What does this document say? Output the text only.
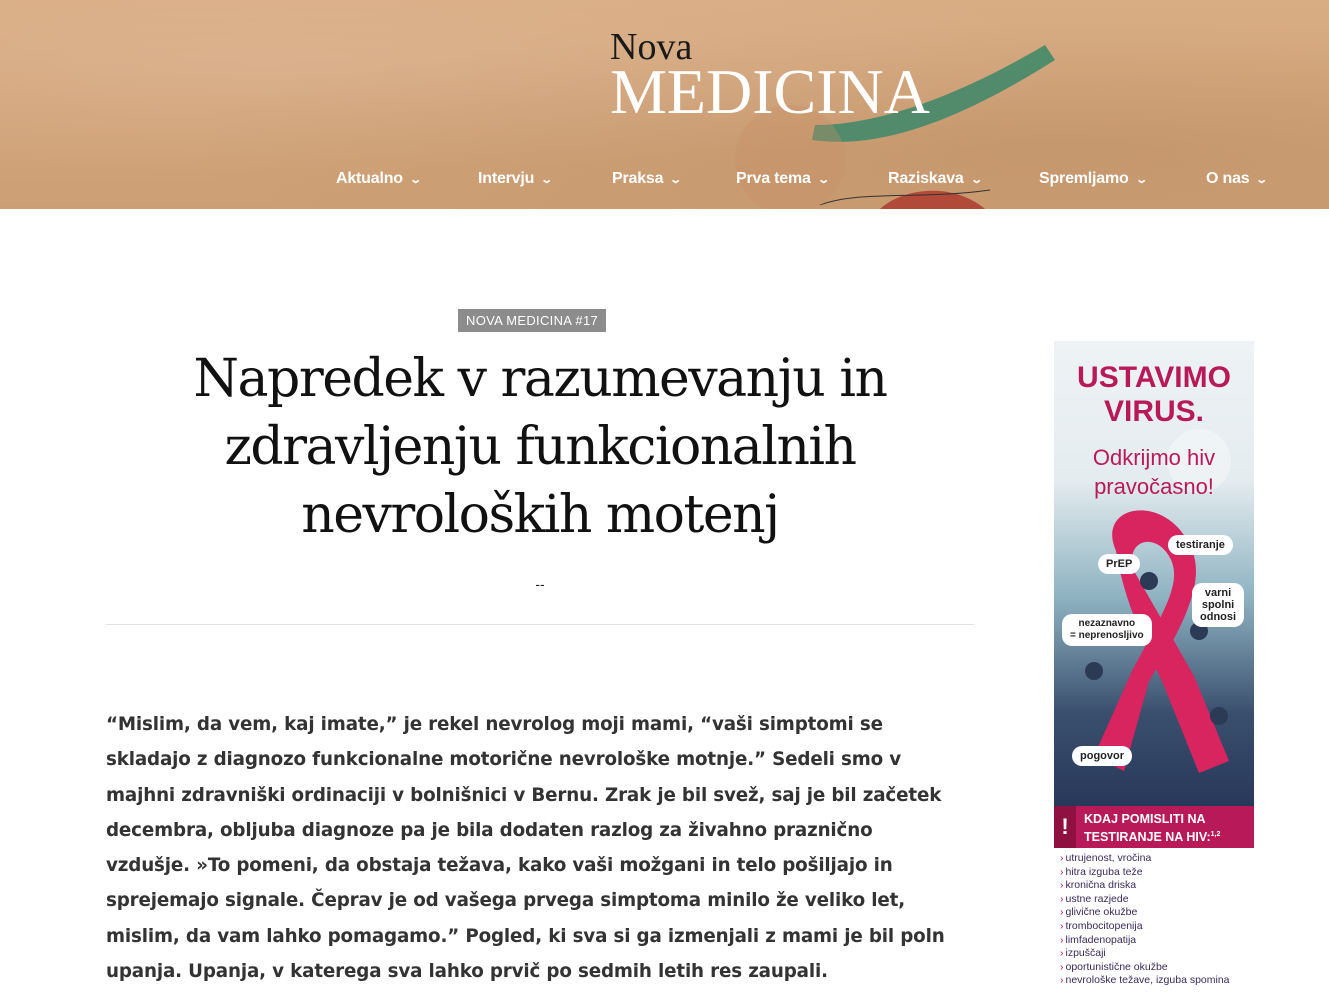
Nova
MEDICINA
Aktualno ⌄	Intervju ⌄	Praksa ⌄	Prva tema ⌄	Raziskava ⌄	Spremljamo ⌄	O nas ⌄
NOVA MEDICINA #17
Napredek v razumevanju in
zdravljenju funkcionalnih
nevroloških motenj
--
“Mislim, da vem, kaj imate,” je rekel nevrolog moji mami, “vaši simptomi se
skladajo z diagnozo funkcionalne motorične nevrološke motnje.” Sedeli smo v
majhni zdravniški ordinaciji v bolnišnici v Bernu. Zrak je bil svež, saj je bil začetek
decembra, obljuba diagnoze pa je bila dodaten razlog za živahno praznično
vzdušje. »To pomeni, da obstaja težava, kako vaši možgani in telo pošiljajo in
sprejemajo signale. Čeprav je od vašega prvega simptoma minilo že veliko let,
mislim, da vam lahko pomagamo.” Pogled, ki sva si ga izmenjali z mami je bil poln
upanja. Upanja, v katerega sva lahko prvič po sedmih letih res zaupali.
USTAVIMO
VIRUS.
Odkrijmo hiv
pravočasno!
testiranje
PrEP
varni
spolni
odnosi
nezaznavno
= neprenosljivo
pogovor
!	KDAJ POMISLITI NA
TESTIRANJE NA HIV:$^{1,2}$
› utrujenost, vročina
› hitra izguba teže
› kronična driska
› ustne razjede
› glivične okužbe
› trombocitopenija
› limfadenopatija
› izpuščaji
› oportunistične okužbe
› nevrološke težave, izguba spomina
